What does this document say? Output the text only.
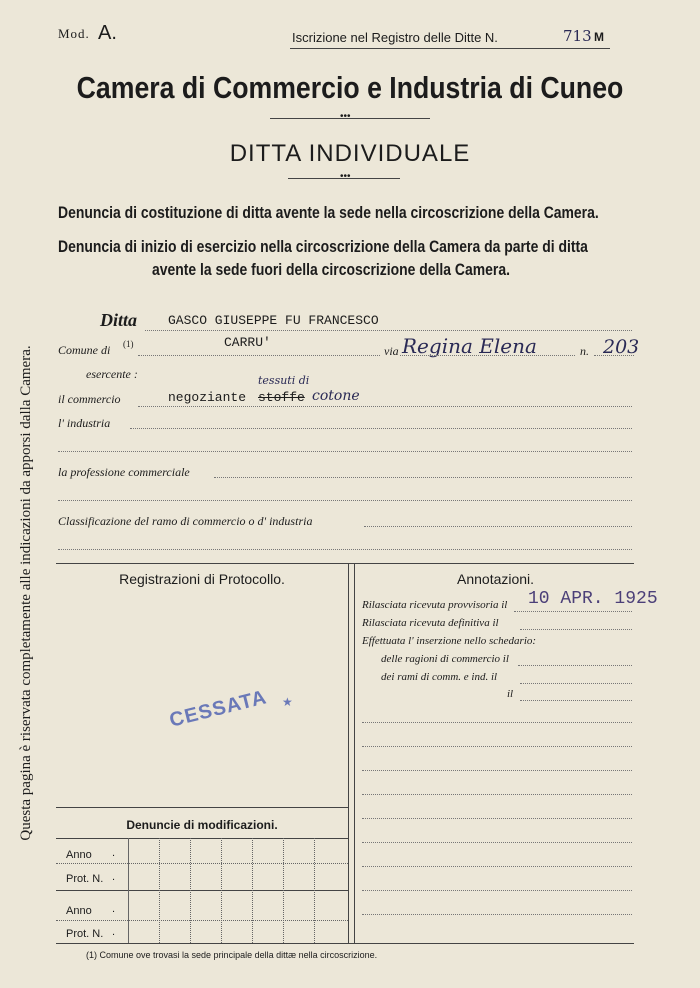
Mod. A.	Iscrizione nel Registro delle Ditte N.	713 M
Camera di Commercio e Industria di Cuneo
•••
DITTA INDIVIDUALE
•••
Denuncia di costituzione di ditta avente la sede nella circoscrizione della Camera.
Denuncia di inizio di esercizio nella circoscrizione della Camera da parte di ditta
avente la sede fuori della circoscrizione della Camera.
Questa pagina è riservata completamente alle indicazioni da apporsi dalla Camera.
Ditta GASCO GIUSEPPE FU FRANCESCO
Comune di (1)	CARRU'
via Regina Elena	n. 203
esercente :
il commercio	negoziante stoffe
tessuti di
cotone
l' industria
la professione commerciale
Classificazione del ramo di commercio o d' industria
Registrazioni di Protocollo.
CESSATA ★
Denuncie di modificazioni.
Anno .
Prot. N. .
Anno .
Prot. N. .
Annotazioni.
Rilasciata ricevuta provvisoria il 10 APR. 1925
Rilasciata ricevuta definitiva il
Effettuata l' inserzione nello schedario:
delle ragioni di commercio il
dei rami di comm. e ind. il
il
(1) Comune ove trovasi la sede principale della dittæ nella circoscrizione.
